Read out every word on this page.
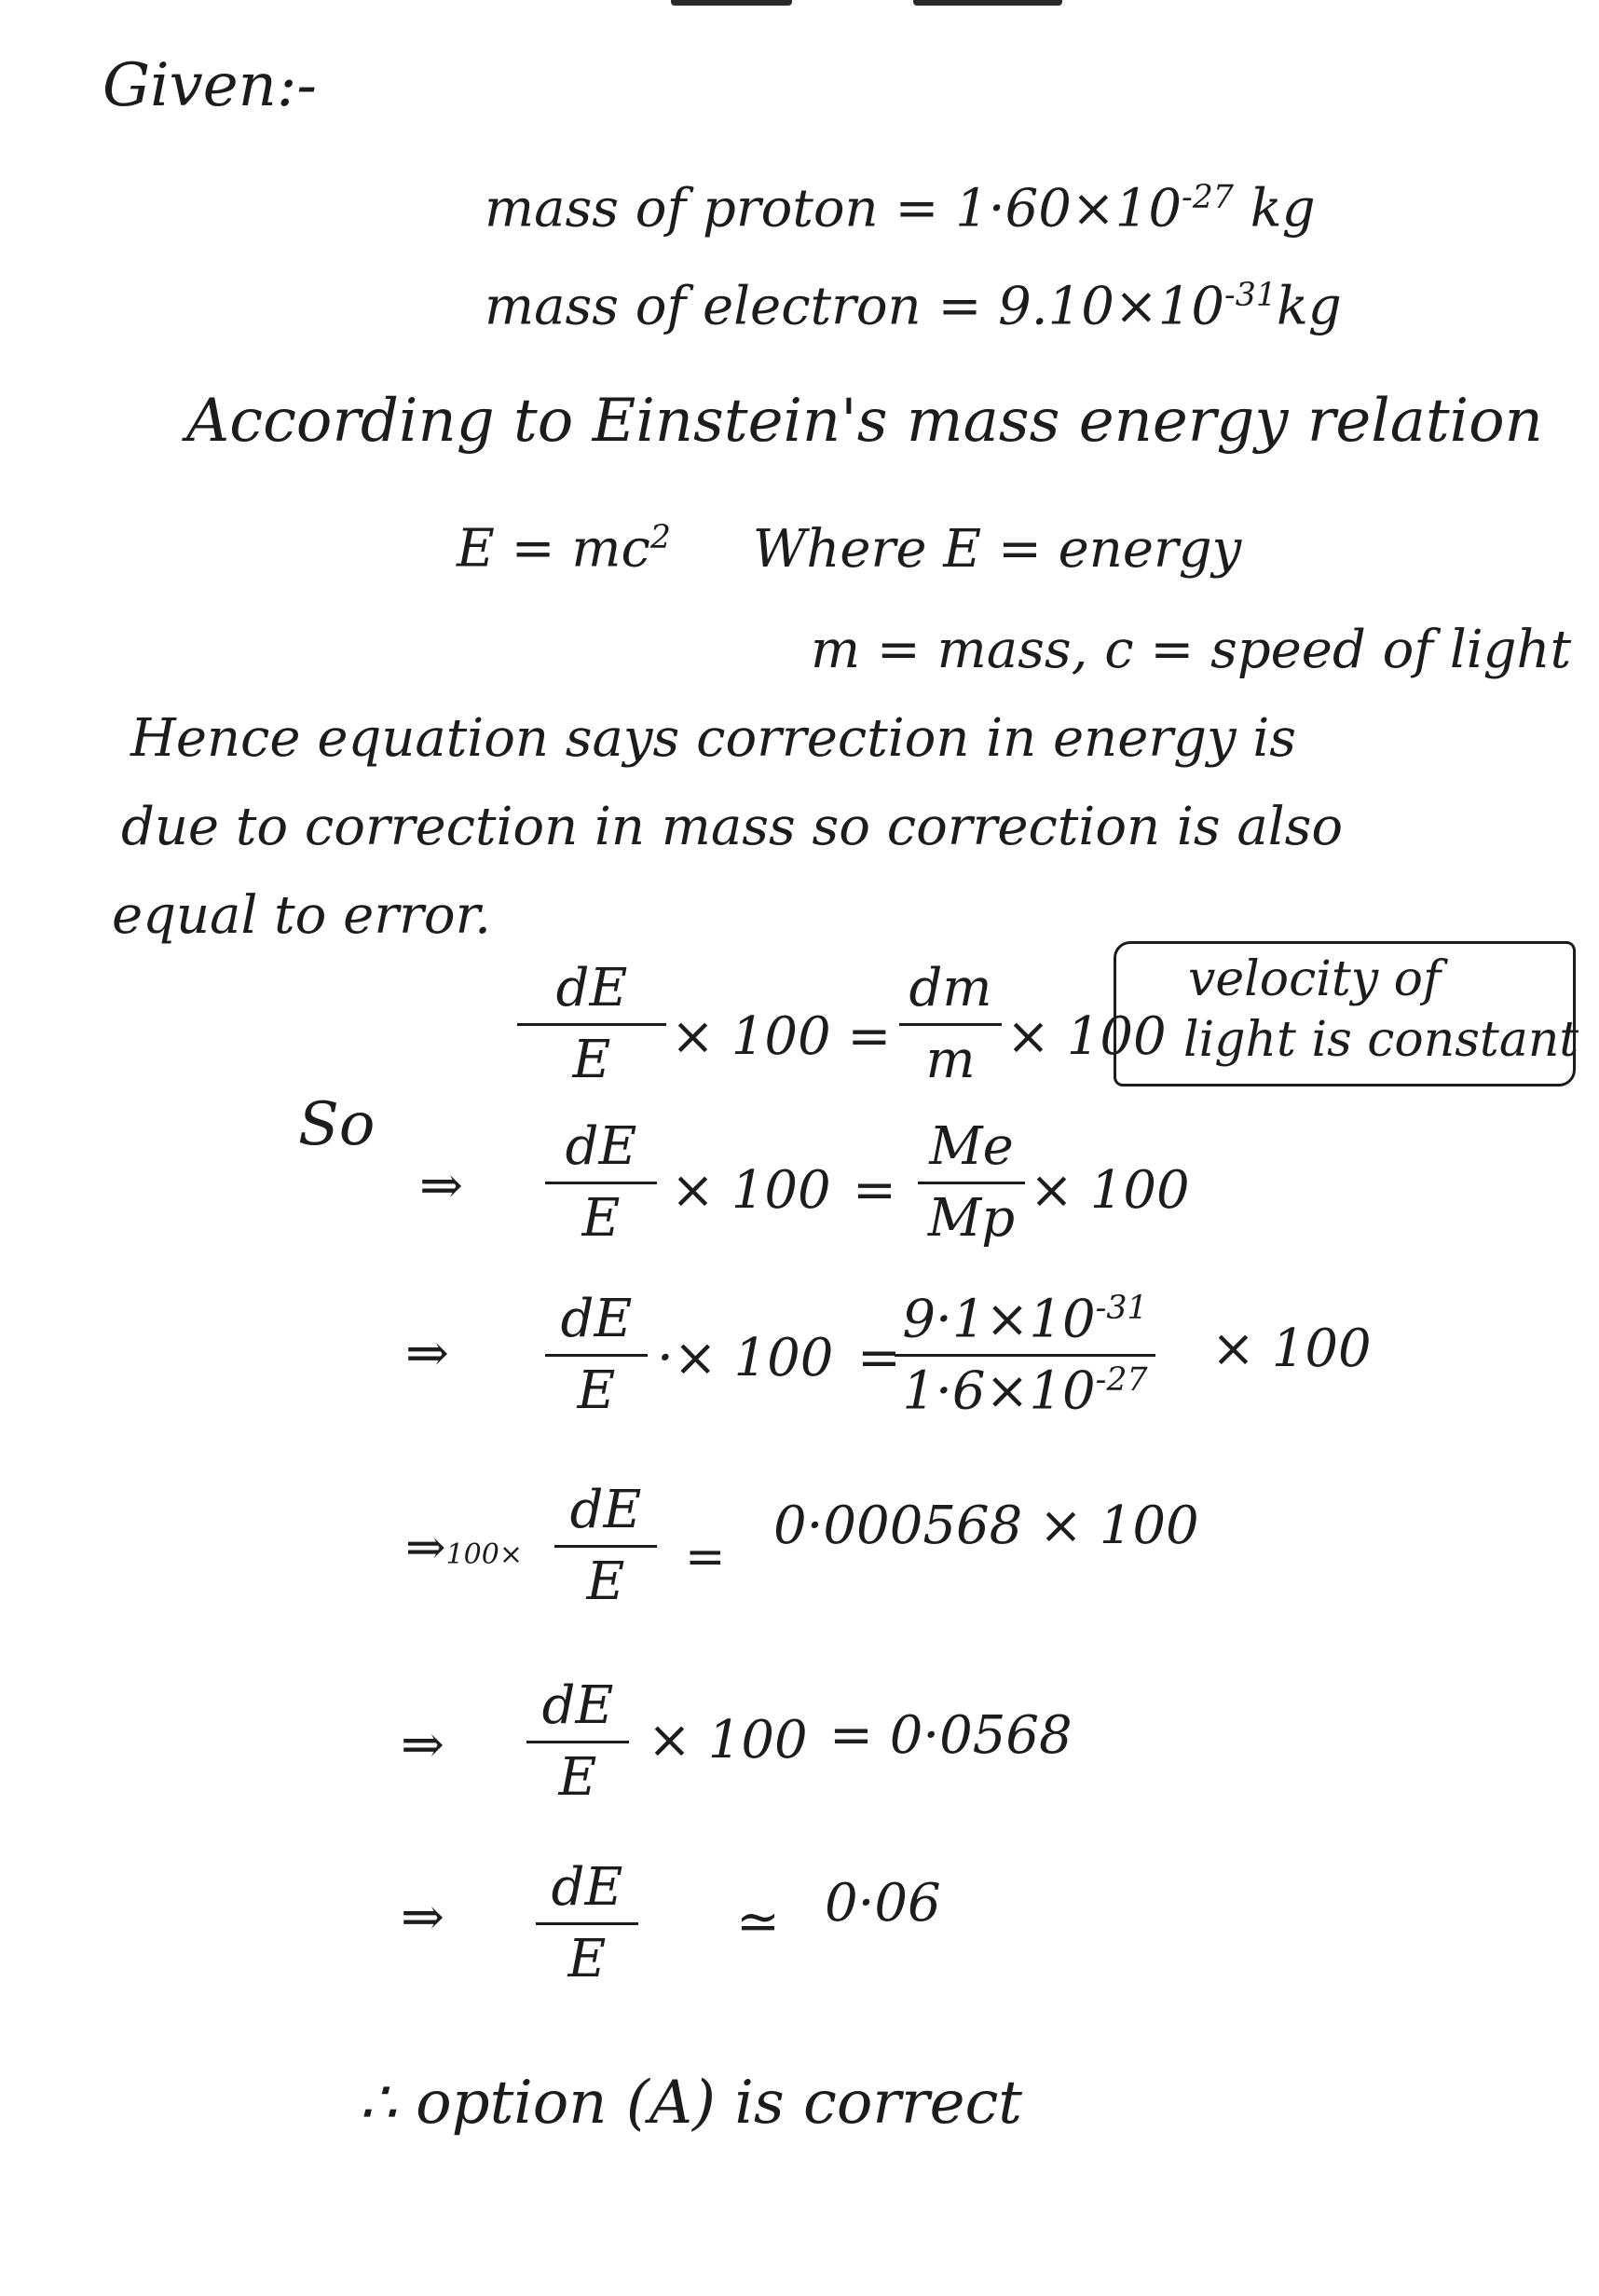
Given:-
mass of proton = $1\cdot 60\times 10^{-27}$ kg
mass of electron = $9.10\times 10^{-31}kg$
According to Einstein's mass energy relation
$E = mc^2$ Where E = energy
m = mass, c = speed of light
Hence equation says correction in energy is
due to correction in mass so correction is also
equal to error.
dE
E × 100 =
dm
m × 100
velocity of
light is constant
So
⇒
dE
E × 100 =
Me
Mp × 100
⇒
dE
E
·× 100 =
$9\cdot 1\times 10^{-31}$
$1\cdot 6\times 10^{-27}$
× 100
⇒100×
dE
E =
0·000568 × 100
⇒
dE
E
× 100 = 0·0568
⇒ dE
E
≃ 0·06
∴ option (A) is correct
